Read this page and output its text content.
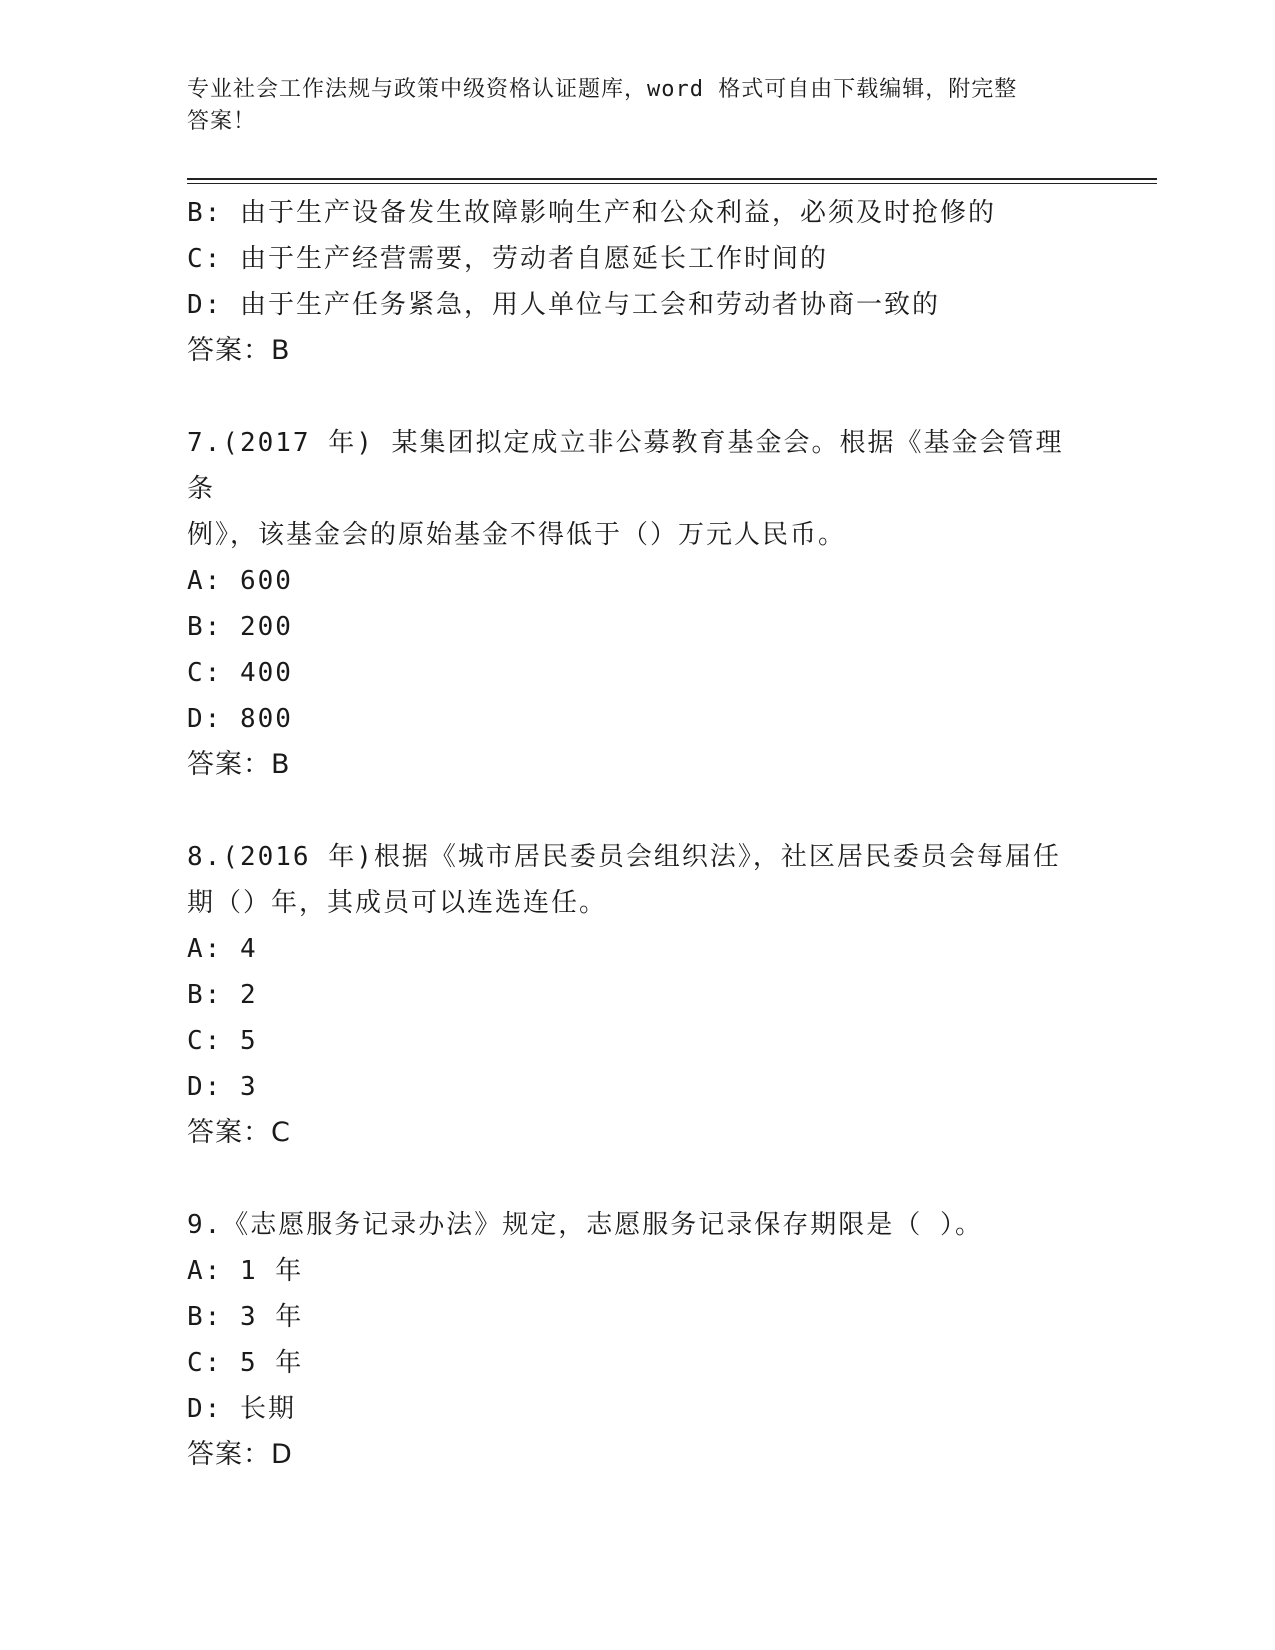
专业社会工作法规与政策中级资格认证题库，word 格式可自由下载编辑，附完整
答案！
B: 由于生产设备发生故障影响生产和公众利益，必须及时抢修的
C: 由于生产经营需要，劳动者自愿延长工作时间的
D: 由于生产任务紧急，用人单位与工会和劳动者协商一致的
答案：B
7.(2017 年) 某集团拟定成立非公募教育基金会。根据《基金会管理条
例》，该基金会的原始基金不得低于（）万元人民币。
A: 600
B: 200
C: 400
D: 800
答案：B
8.(2016 年)根据《城市居民委员会组织法》，社区居民委员会每届任
期（）年，其成员可以连选连任。
A: 4
B: 2
C: 5
D: 3
答案：C
9.《志愿服务记录办法》规定，志愿服务记录保存期限是（ ）。
A: 1 年
B: 3 年
C: 5 年
D: 长期
答案：D
